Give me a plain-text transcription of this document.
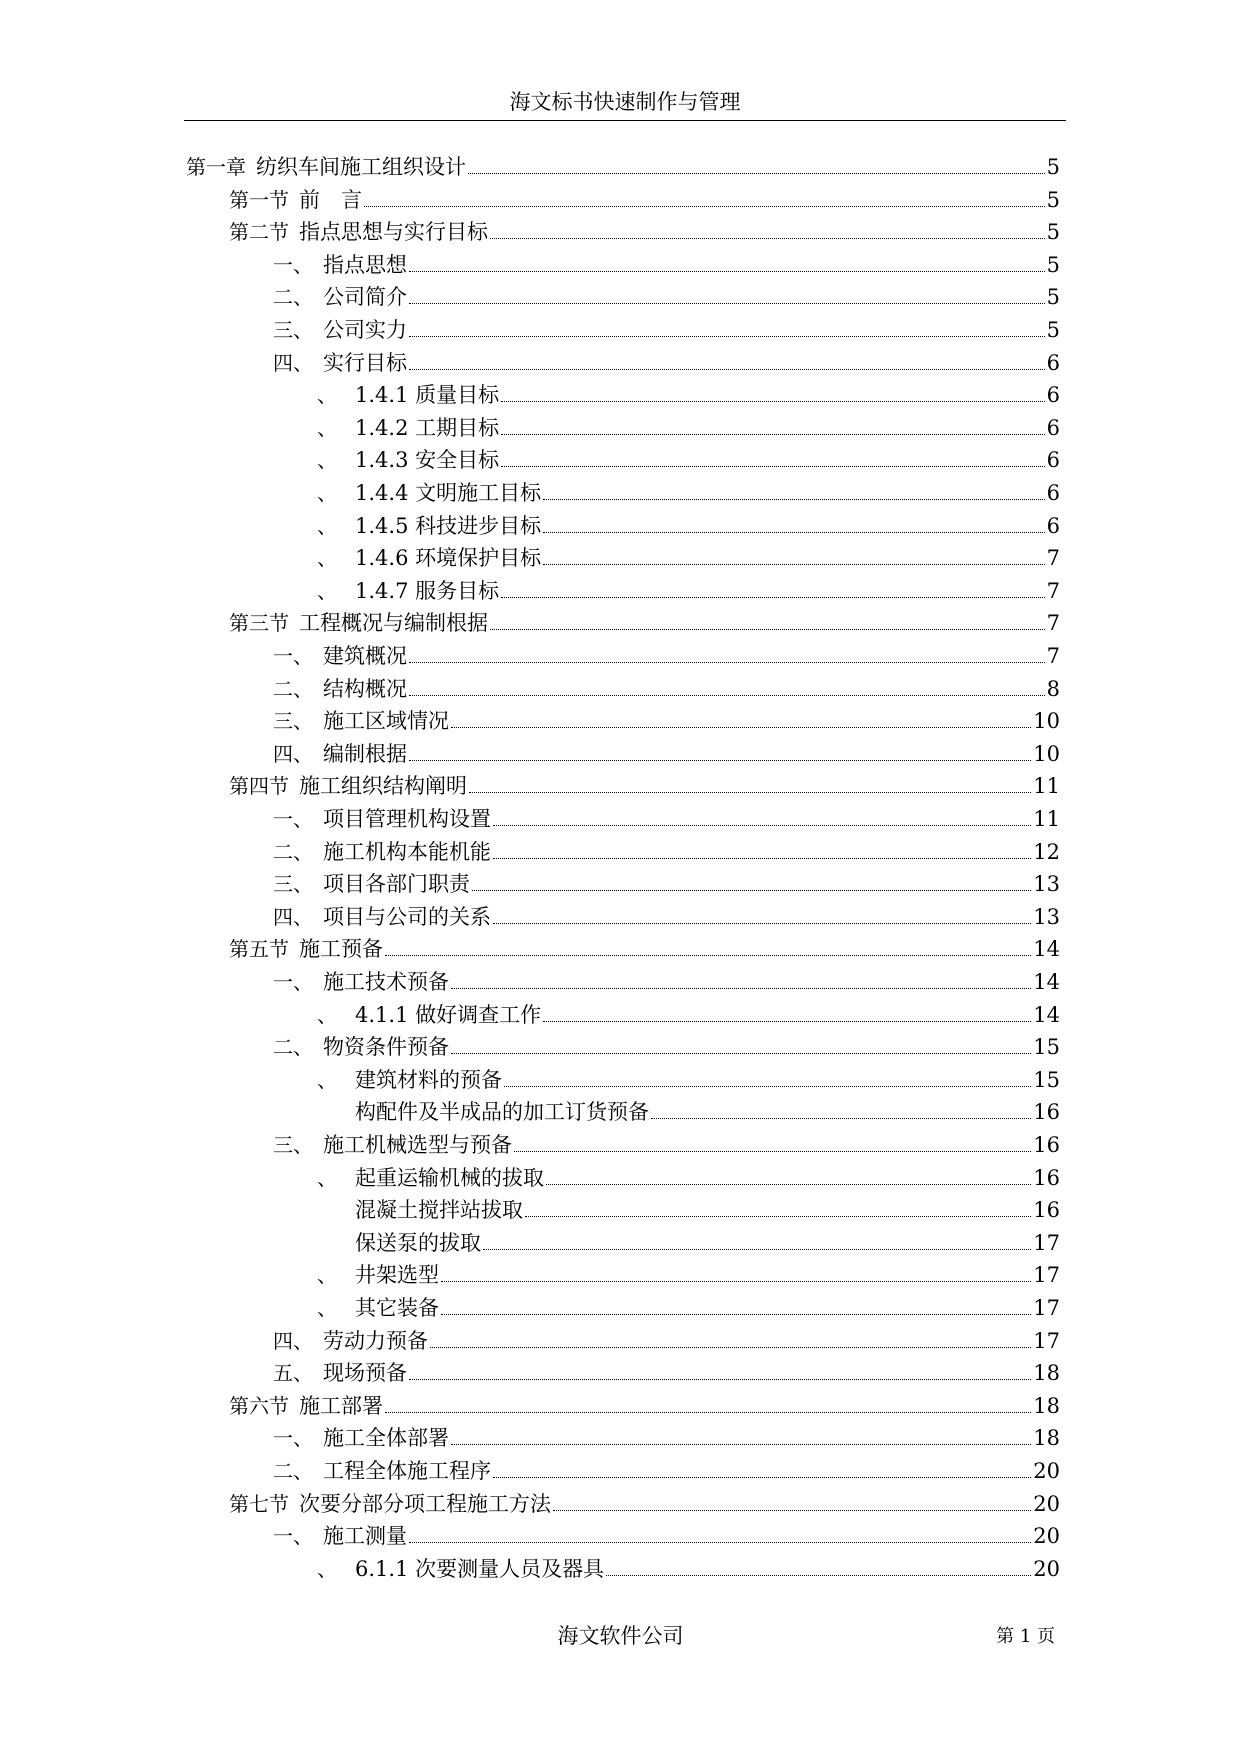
海文标书快速制作与管理
第一章 纺织车间施工组织设计	5
第一节 前　言	5
第二节 指点思想与实行目标	5
一、 指点思想	5
二、 公司简介	5
三、 公司实力	5
四、 实行目标	6
、 1.4.1 质量目标	6
、 1.4.2 工期目标	6
、 1.4.3 安全目标	6
、 1.4.4 文明施工目标	6
、 1.4.5 科技进步目标	6
、 1.4.6 环境保护目标	7
、 1.4.7 服务目标	7
第三节 工程概况与编制根据	7
一、 建筑概况	7
二、 结构概况	8
三、 施工区域情况	10
四、 编制根据	10
第四节 施工组织结构阐明	11
一、 项目管理机构设置	11
二、 施工机构本能机能	12
三、 项目各部门职责	13
四、 项目与公司的关系	13
第五节 施工预备	14
一、 施工技术预备	14
、 4.1.1 做好调查工作	14
二、 物资条件预备	15
、 建筑材料的预备	15
构配件及半成品的加工订货预备	16
三、 施工机械选型与预备	16
、 起重运输机械的拔取	16
混凝土搅拌站拔取	16
保送泵的拔取	17
、 井架选型	17
、 其它装备	17
四、 劳动力预备	17
五、 现场预备	18
第六节 施工部署	18
一、 施工全体部署	18
二、 工程全体施工程序	20
第七节 次要分部分项工程施工方法	20
一、 施工测量	20
、 6.1.1 次要测量人员及器具	20
海文软件公司	第 1 页
